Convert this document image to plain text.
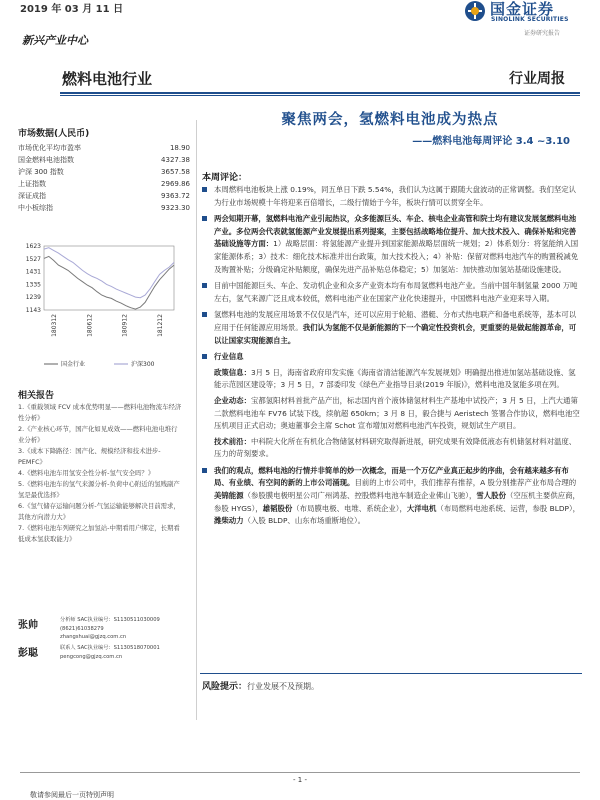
2019 年 03 月 11 日	国金证券
SINOLINK SECURITIES
证券研究报告
新兴产业中心
燃料电池行业	行业周报
市场数据(人民币)
市场优化平均市盈率	18.90
国金燃料电池指数	4327.38
沪深 300 指数	3657.58
上证指数	2969.86
深证成指	9363.72
中小板综指	9323.30
1623
1527
1431
1335
1239
1143
180312	180612	180912	181212
国金行业	沪深300
相关报告
1.《重载领域 FCV 成本优势明显——燃料电池物流车经济性分析》
2.《产业核心环节，国产化如见成效——燃料电池电堆行业分析》
3.《成本下降路径：国产化、规模经济和技术进步-PEMFC》
4.《燃料电池车用氢安全性分析-氢气安全吗？》
5.《燃料电池车的氢气来源分析-负荷中心附近的氢贱副产氢是最优选择》
6.《氢气储存运输问题分析-气氢运输能够解决目前需求，其他方向潜力大》
7.《燃料电池车列研究之加氢站-中期看用户绑定，长期看低成本氢获取能力》
张帅	分析师 SAC执业编号：S1130511030009
(8621)61038279
zhangshuai@gjzq.com.cn
彭聪	联系人 SAC执业编号：S1130518070001
pengcong@gjzq.com.cn
聚焦两会，氢燃料电池成为热点
——燃料电池每周评论 3.4 ~3.10
本周评论：
本周燃料电池板块上涨 0.19%，同五单日下跌 5.54%，我们认为这属于跟随大盘波动的正常调整。我们坚定认为行业市场规模十年将迎来百倍增长，二级行情始于今年，板块行情可以贯穿全年。
两会知期开幕，氢燃料电池产业引起热议，众多能源巨头、车企、核电企业高管和院士均有建议发展氢燃料电池产业。多位两会代表就氢能源产业发展提出系列提案，主要包括战略地位提升、加大技术投入、确保补贴和完善基础设施等方面：1）战略层面：将氢能源产业提升到国家能源战略层面统一规划；2）体系划分：将氢能纳入国家能源体系；3）技术：细化技术标准并出台政策，加大技术投入；4）补贴：保留对燃料电池汽车的购置税减免及购置补贴；分级确定补贴额度，确保先进产品补贴总体稳定；5）加氢站：加快推动加氢站基础设施建设。
目前中国能源巨头、车企、发动机企业和众多产业资本均有布局氢燃料电池产业。当前中国年制氢量 2000 万吨左右，氢气来源广泛且成本较低，燃料电池产业在国家产业化快速提升，中国燃料电池产业迎来导入期。
氢燃料电池的发展应用场景不仅仅是汽车，还可以应用于轮船、潜艇、分布式热电联产和备电系统等，基本可以应用于任何能源应用场景。我们认为氢能不仅是新能源的下一个确定性投资机会，更重要的是做起能源革命，可以让国家实现能源自主。
行业信息
政策信息：3月 5 日，海南省政府印发实施《海南省清洁能源汽车发展规划》明确提出推进加氢站基础设施、氢能示范园区建设等；3 月 5 日，7 部委印发《绿色产业指导目录(2019 年版)》，燃料电池及氢能多项在列。
企业动态：宝都氢阳材料首批产品产出，标志国内首个液体储氢材料生产基地中试投产；3 月 5 日，上汽大通第二款燃料电池车 FV76 试装下线，续航超 650km；3 月 8 日，毅合捷与 Aeristech 签署合作协议，燃料电池空压机项目正式启动；奥迪董事会主席 Schot 宣布增加对燃料电池汽车投资，规划试生产项目。
技术前沿：中科院大化所在有机化合物储氢材料研究取得新进展，研究成果有效降低液态有机储氢材料对温度、压力的苛刻要求。
我们的观点，燃料电池的行情并非简单的炒一次概念，而是一个万亿产业真正起步的序曲，会有越来越多有布局、有业绩、有空间的新的上市公司涌现。目前的上市公司中，我们推荐有推荐，A 股分别推荐产业布局合理的美锦能源（参股膜电极明星公司广州鸿基、控股燃料电池车制造企业佛山飞驰），雪人股份（空压机主要供应商，参股 HYGS），雄韬股份（布局膜电极、电堆、系统企业），大洋电机（布局燃料电池系统、运营，参股 BLDP），潍柴动力（入股 BLDP、山东布场重断地位）。
风险提示：行业发展不及预期。
- 1 -
敬请参阅最后一页特别声明
